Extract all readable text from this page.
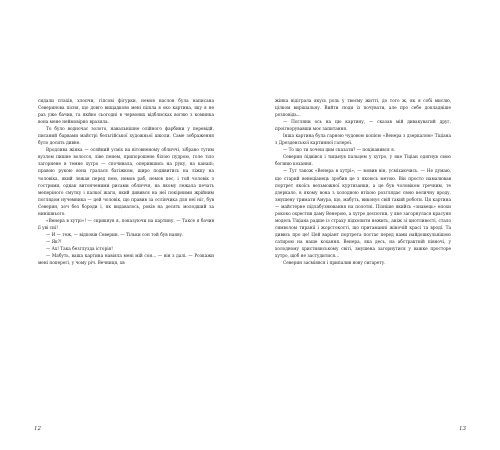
сидали птахів, хлопчи, гіпсові фігурки, немов наслов була написана Северинова пісня, що довго вищадково мені пішла в око картина, яку я не раз уже бачив, та якйно сьогодні в червоних відблисках вогню з коминка вона мене неймовірно вразила.

То було водночас золото, навальнішне олійного фарбини у перевідй, писаний барвами майстрі бельгійської художньої школи. Саме зображення було досить дивне.

Вродлива жінка — осяйний усміх на вітовненому обличчі, зібрано тугим вузлом пишне волосся, ліве пенем, припорошене білою пудрою, голе тіло загорнене в темне хутро — спочивала, оперившись на руку, на канапі; правою рукою вона гралася батіжком, щиро подивитись на ліжку на чоловіка, який лежав перед нею, немов раб, немов пес, і той чоловік з гострими, однак витонченими рисами обличчя, на якому лежала печать меперіного смутку і палкої жаги, який дивився на неї покірними жрійним поглядом нучемника — цей чоловік, що правив за ослінчика для неї ніг, був Северин, хоч без бороди і, як видавалось, років на десять молодший за нинішнього.

«Венера в хутрі»! — скрикнув я, показуючи на картину. — Таксе я бачив її уві сні!

— И — теж, — відповів Северин. — Тільки сон той був наяву.

— Як?!

— Ах! Така безглузда історія!

— Мабуть, ваша картина навіяла мені мій сон... — він з далі. — Розкажи мені поперегі, у чому річ. Вечниця, хв

жінка відіграла якусь роль у твоєму житті, до того ж, як я собі мислю, цілком вирішальну. Вийти сюди із почувати, але про себе докладніше розповідь...

— Погляни ось на цю картину, — сказав мій дивакуватий друг, проігнорувавши моє запитання.

Інша картина була гарною чудовою копією «Венера з дзеркалом» Тіціана з Дрезденської картинної галереї.

— То що ти хочеш цим сказати? — поцікавився я.

Северин підвівся і тицьнув пальцем у хутро, у яке Тіціан одягнув свою богиню кохання.

— Тут також «Венера в хутрі», — мовив він, усміхаючись. — Не думаю, що старий венеціанець зробив це з якоюсь метою. Він просто намалював портрет якоїсь вельможної куртизанки, а це був чоловіком гречним, те дзеркало, в якому вона з холодною втіхою розглядає свою величну вроду, змушену тримати Амура, що, мабуть, виконує свій такий роботи. Ця картина — майстерне підлабузнювання на полотні. Пізніше якийсь «знавець» епохи рококо охрестив даму Венерою, а хутро деспотки, у яке загорнулася красуня модель Тіціана радше із страху підхопити нежить, аніж зі цнотливості, стало символом тиранії і жорстокості, що притаманні жіночій красі та вроді. Та дивись про це! Цей варіант портрета постає перед нами найдошкульнішою сатирою на наше кохання. Венера, яка десь, на абстрактній півночі, у холодному християнському світі, змушена загорнутися у важке просторе хутро, щоб не застудитися...

Северин засміявся і припалив нову сигарету.

12	13
